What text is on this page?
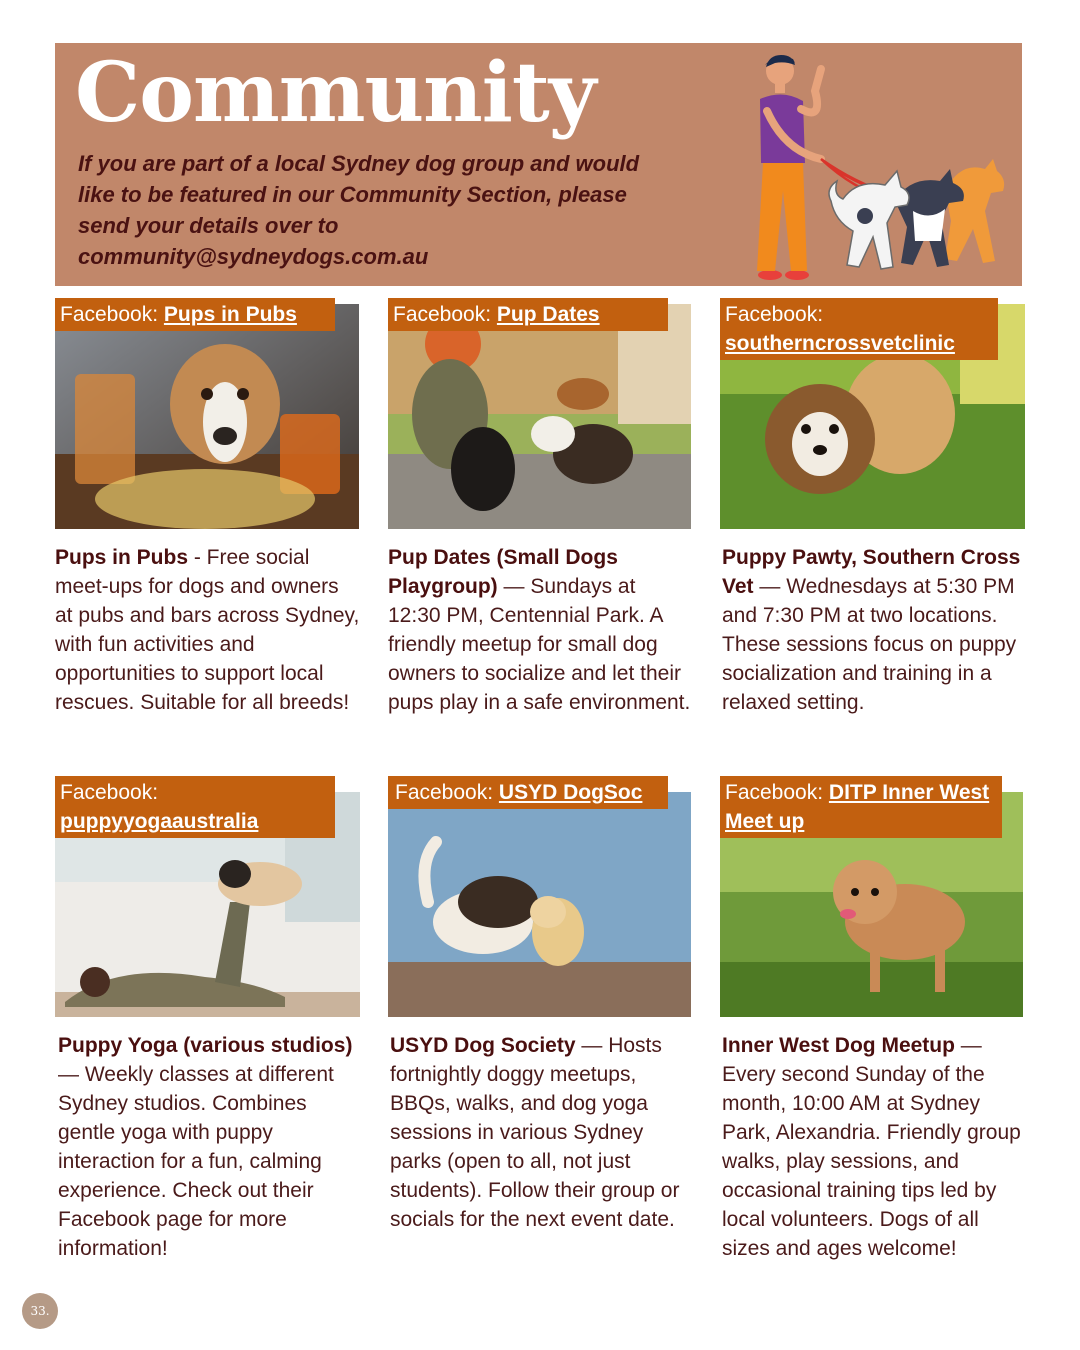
Community

If you are part of a local Sydney dog group and would like to be featured in our Community Section, please send your details over to community@sydneydogs.com.au

Facebook: Pups in Pubs

Pups in Pubs - Free social meet-ups for dogs and owners at pubs and bars across Sydney, with fun activities and opportunities to support local rescues. Suitable for all breeds!

Facebook: Pup Dates

Pup Dates (Small Dogs Playgroup) — Sundays at 12:30 PM, Centennial Park. A friendly meetup for small dog owners to socialize and let their pups play in a safe environment.

Facebook:
southerncrossvetclinic

Puppy Pawty, Southern Cross Vet — Wednesdays at 5:30 PM and 7:30 PM at two locations. These sessions focus on puppy socialization and training in a relaxed setting.

Facebook:
puppyyogaaustralia

Puppy Yoga (various studios) — Weekly classes at different Sydney studios. Combines gentle yoga with puppy interaction for a fun, calming experience. Check out their Facebook page for more information!

Facebook: USYD DogSoc

USYD Dog Society — Hosts fortnightly doggy meetups, BBQs, walks, and dog yoga sessions in various Sydney parks (open to all, not just students). Follow their group or socials for the next event date.

Facebook: DITP Inner West Meet up

Inner West Dog Meetup — Every second Sunday of the month, 10:00 AM at Sydney Park, Alexandria. Friendly group walks, play sessions, and occasional training tips led by local volunteers. Dogs of all sizes and ages welcome!

33.
